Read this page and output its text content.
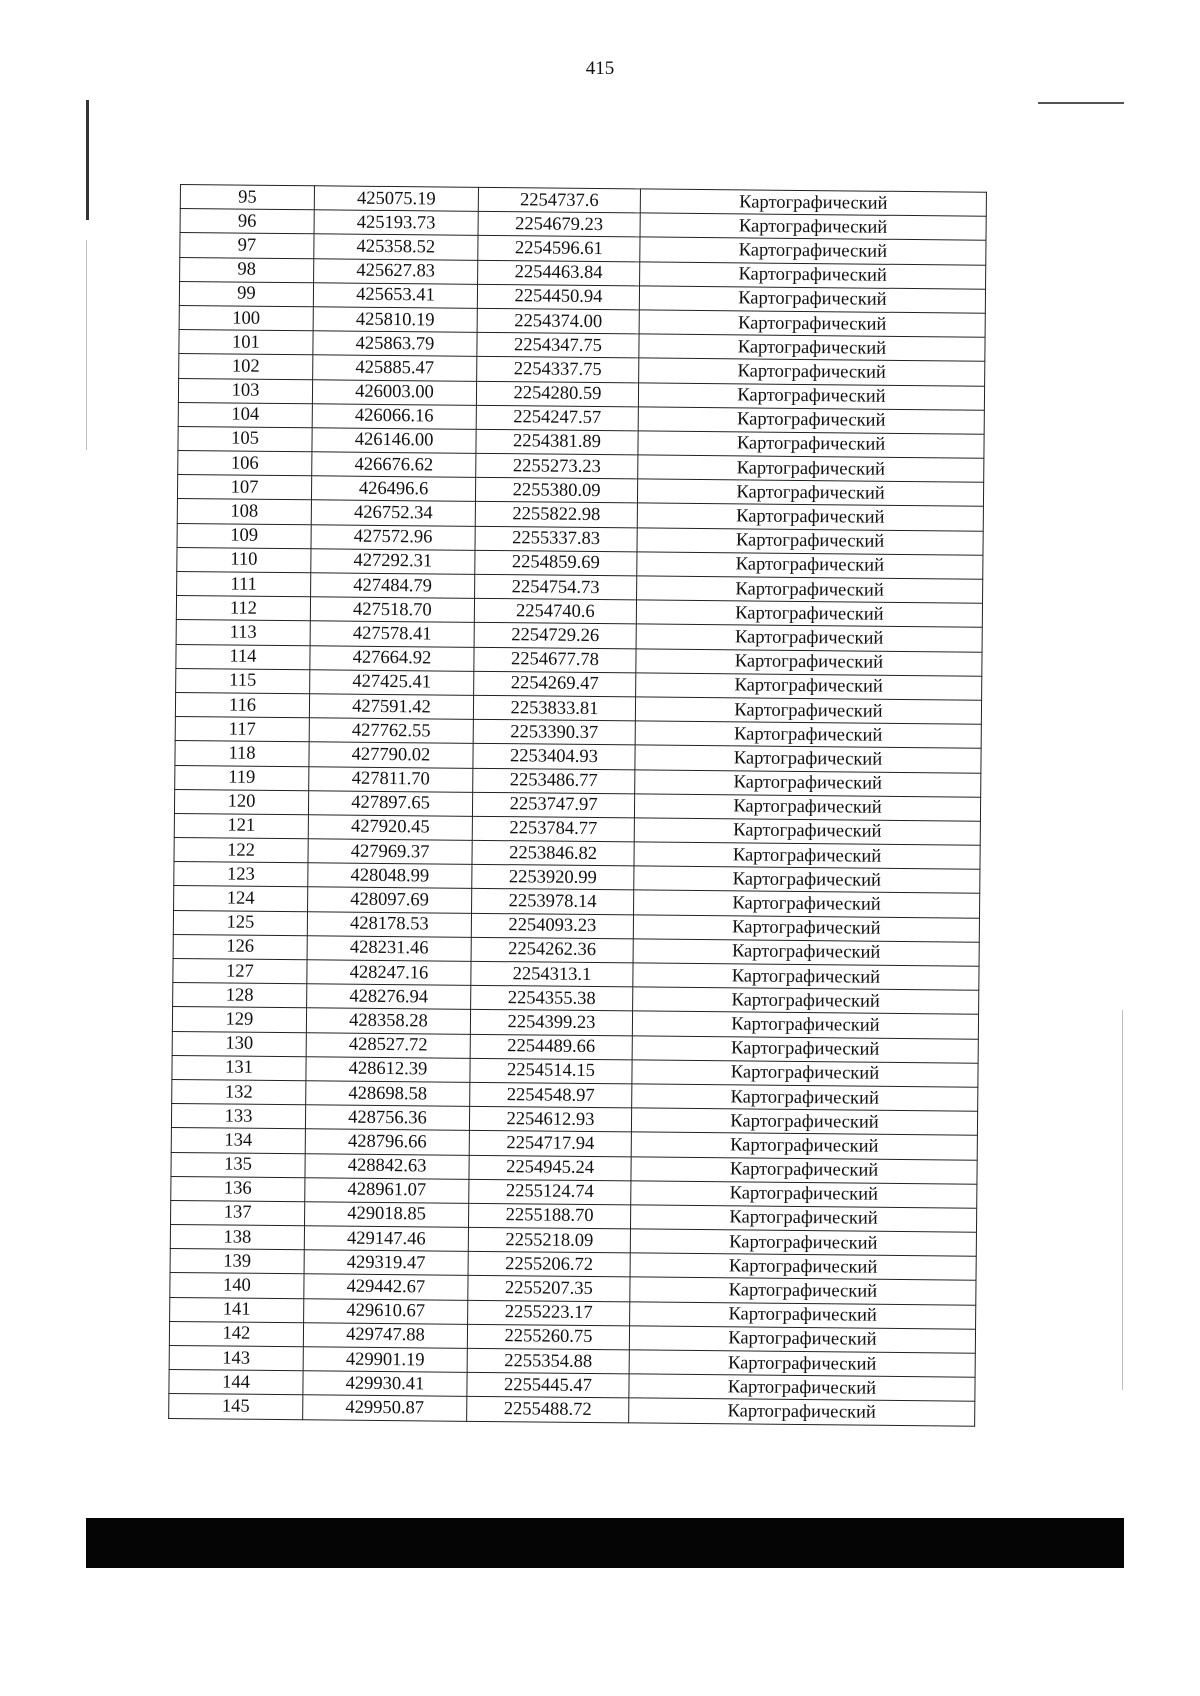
415
95	425075.19	2254737.6	Картографический
96	425193.73	2254679.23	Картографический
97	425358.52	2254596.61	Картографический
98	425627.83	2254463.84	Картографический
99	425653.41	2254450.94	Картографический
100	425810.19	2254374.00	Картографический
101	425863.79	2254347.75	Картографический
102	425885.47	2254337.75	Картографический
103	426003.00	2254280.59	Картографический
104	426066.16	2254247.57	Картографический
105	426146.00	2254381.89	Картографический
106	426676.62	2255273.23	Картографический
107	426496.6	2255380.09	Картографический
108	426752.34	2255822.98	Картографический
109	427572.96	2255337.83	Картографический
110	427292.31	2254859.69	Картографический
111	427484.79	2254754.73	Картографический
112	427518.70	2254740.6	Картографический
113	427578.41	2254729.26	Картографический
114	427664.92	2254677.78	Картографический
115	427425.41	2254269.47	Картографический
116	427591.42	2253833.81	Картографический
117	427762.55	2253390.37	Картографический
118	427790.02	2253404.93	Картографический
119	427811.70	2253486.77	Картографический
120	427897.65	2253747.97	Картографический
121	427920.45	2253784.77	Картографический
122	427969.37	2253846.82	Картографический
123	428048.99	2253920.99	Картографический
124	428097.69	2253978.14	Картографический
125	428178.53	2254093.23	Картографический
126	428231.46	2254262.36	Картографический
127	428247.16	2254313.1	Картографический
128	428276.94	2254355.38	Картографический
129	428358.28	2254399.23	Картографический
130	428527.72	2254489.66	Картографический
131	428612.39	2254514.15	Картографический
132	428698.58	2254548.97	Картографический
133	428756.36	2254612.93	Картографический
134	428796.66	2254717.94	Картографический
135	428842.63	2254945.24	Картографический
136	428961.07	2255124.74	Картографический
137	429018.85	2255188.70	Картографический
138	429147.46	2255218.09	Картографический
139	429319.47	2255206.72	Картографический
140	429442.67	2255207.35	Картографический
141	429610.67	2255223.17	Картографический
142	429747.88	2255260.75	Картографический
143	429901.19	2255354.88	Картографический
144	429930.41	2255445.47	Картографический
145	429950.87	2255488.72	Картографический
